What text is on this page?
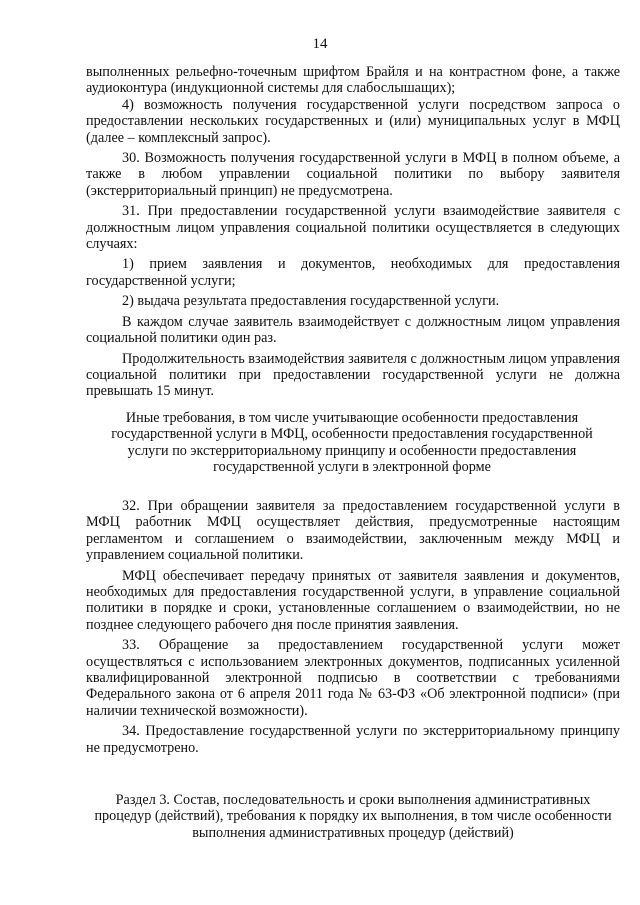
14

выполненных рельефно-точечным шрифтом Брайля и на контрастном фоне, а также аудиоконтура (индукционной системы для слабослышащих);

4) возможность получения государственной услуги посредством запроса о предоставлении нескольких государственных и (или) муниципальных услуг в МФЦ (далее – комплексный запрос).

30. Возможность получения государственной услуги в МФЦ в полном объеме, а также в любом управлении социальной политики по выбору заявителя (экстерриториальный принцип) не предусмотрена.

31. При предоставлении государственной услуги взаимодействие заявителя с должностным лицом управления социальной политики осуществляется в следующих случаях:

1) прием заявления и документов, необходимых для предоставления государственной услуги;

2) выдача результата предоставления государственной услуги.

В каждом случае заявитель взаимодействует с должностным лицом управления социальной политики один раз.

Продолжительность взаимодействия заявителя с должностным лицом управления социальной политики при предоставлении государственной услуги не должна превышать 15 минут.

Иные требования, в том числе учитывающие особенности предоставления государственной услуги в МФЦ, особенности предоставления государственной услуги по экстерриториальному принципу и особенности предоставления государственной услуги в электронной форме

32. При обращении заявителя за предоставлением государственной услуги в МФЦ работник МФЦ осуществляет действия, предусмотренные настоящим регламентом и соглашением о взаимодействии, заключенным между МФЦ и управлением социальной политики.

МФЦ обеспечивает передачу принятых от заявителя заявления и документов, необходимых для предоставления государственной услуги, в управление социальной политики в порядке и сроки, установленные соглашением о взаимодействии, но не позднее следующего рабочего дня после принятия заявления.

33. Обращение за предоставлением государственной услуги может осуществляться с использованием электронных документов, подписанных усиленной квалифицированной электронной подписью в соответствии с требованиями Федерального закона от 6 апреля 2011 года № 63-ФЗ «Об электронной подписи» (при наличии технической возможности).

34. Предоставление государственной услуги по экстерриториальному принципу не предусмотрено.

Раздел 3. Состав, последовательность и сроки выполнения административных процедур (действий), требования к порядку их выполнения, в том числе особенности выполнения административных процедур (действий)
